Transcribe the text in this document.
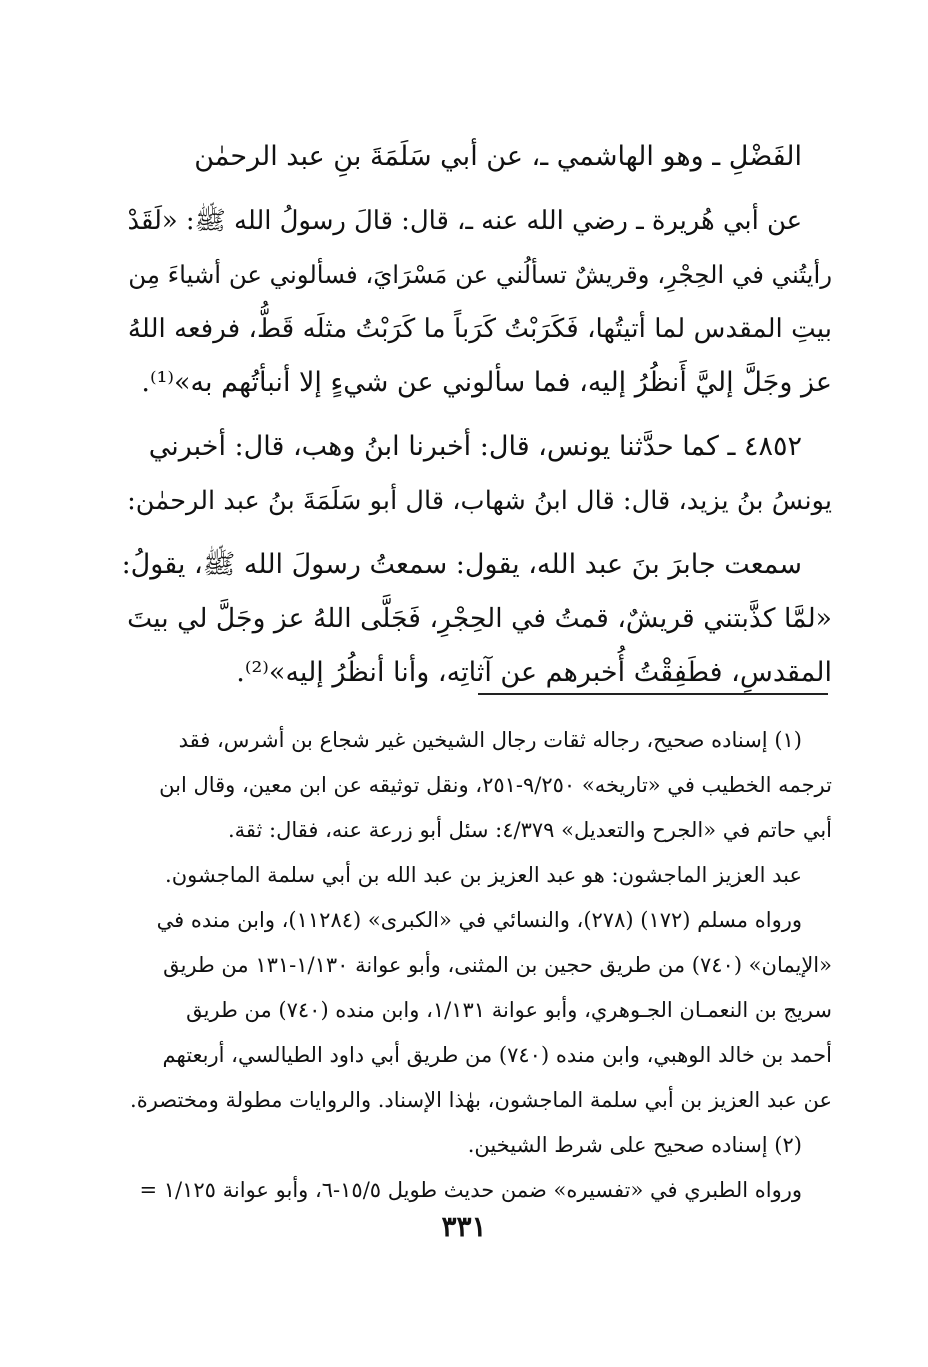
الفَضْلِ ـ وهو الهاشمي ـ، عن أبي سَلَمَةَ بنِ عبد الرحمٰن
عن أبي هُريرة ـ رضي الله عنه ـ، قال: قالَ رسولُ الله ﷺ: «لَقَدْ
رأيتُني في الحِجْرِ، وقريشٌ تسألُني عن مَسْرَايَ، فسألوني عن أشياءَ مِن
بيتِ المقدس لما أتيتُها، فَكَرَبْتُ كَرَباً ما كَرَبْتُ مثلَه قَطُّ، فرفعه اللهُ
عز وجَلَّ إليَّ أَنظُرُ إليه، فما سألوني عن شيءٍ إلا أنبأتُهم به»⁽¹⁾.
٤٨٥٢ ـ كما حدَّثنا يونس، قال: أخبرنا ابنُ وهب، قال: أخبرني
يونسُ بنُ يزيد، قال: قال ابنُ شهاب، قال أبو سَلَمَةَ بنُ عبد الرحمٰن:
سمعت جابرَ بنَ عبد الله، يقول: سمعتُ رسولَ الله ﷺ، يقولُ:
«لمَّا كذَّبتني قريشٌ، قمتُ في الحِجْرِ، فَجَلَّى اللهُ عز وجَلَّ لي بيتَ
المقدسِ، فطَفِقْتُ أُخبرهم عن آثاتِه، وأنا أنظُرُ إليه»⁽²⁾.
(١) إسناده صحيح، رجاله ثقات رجال الشيخين غير شجاع بن أشرس، فقد
ترجمه الخطيب في «تاريخه» ٩/٢٥٠-٢٥١، ونقل توثيقه عن ابن معين، وقال ابن
أبي حاتم في «الجرح والتعديل» ٤/٣٧٩: سئل أبو زرعة عنه، فقال: ثقة.
عبد العزيز الماجشون: هو عبد العزيز بن عبد الله بن أبي سلمة الماجشون.
ورواه مسلم (١٧٢) (٢٧٨)، والنسائي في «الكبرى» (١١٢٨٤)، وابن منده في
«الإيمان» (٧٤٠) من طريق حجين بن المثنى، وأبو عوانة ١/١٣٠-١٣١ من طريق
سريج بن النعمـان الجـوهري، وأبو عوانة ١/١٣١، وابن منده (٧٤٠) من طريق
أحمد بن خالد الوهبي، وابن منده (٧٤٠) من طريق أبي داود الطيالسي، أربعتهم
عن عبد العزيز بن أبي سلمة الماجشون، بهٰذا الإسناد. والروايات مطولة ومختصرة.
(٢) إسناده صحيح على شرط الشيخين.
ورواه الطبري في «تفسيره» ضمن حديث طويل ١٥/٥-٦، وأبو عوانة ١/١٢٥ =
٣٣١
